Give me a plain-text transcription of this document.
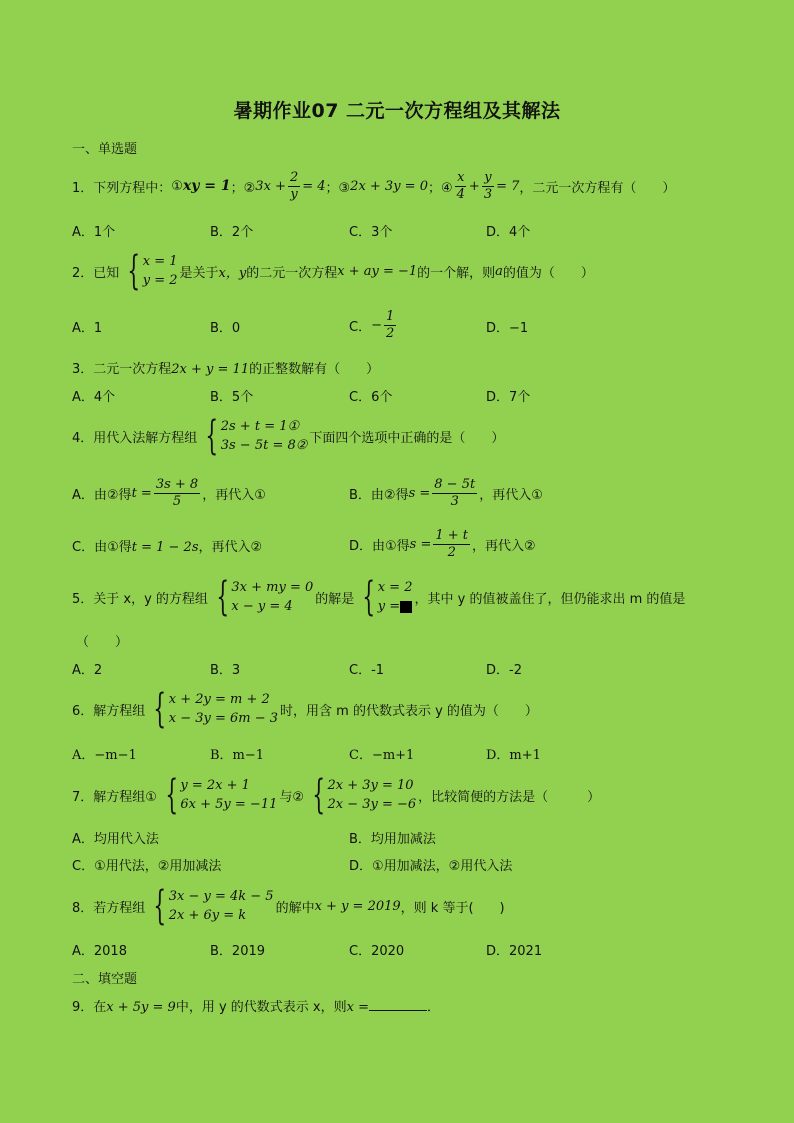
暑期作业07 二元一次方程组及其解法
一、单选题
1．下列方程中： ① xy = 1 ；② $3x + \frac{2}{y} = 4$ ；③ 2x + 3y = 0 ；④ $\frac{x}{4} + \frac{y}{3} = 7$ ，二元一次方程有（　　）
A．1个	B．2个	C．3个	D．4个
2．已知 { x = 1
y = 2 是关于 x，y 的二元一次方程 x + ay = −1 的一个解，则 a 的值为（　　）
A．1	B．0	C． − $\frac{1}{2}$	D．−1
3．二元一次方程2x + y = 11的正整数解有（　　）
A．4个	B．5个	C．6个	D．7个
4．用代入法解方程组 { 2s + t = 1①
3s − 5t = 8② 下面四个选项中正确的是（　　）
A．由②得 $t = \frac{3s + 8}{5}$ ，再代入①	B．由②得 $s = \frac{8 - 5t}{3}$ ，再代入①
C．由①得t = 1 − 2s，再代入②	D．由①得 $s = \frac{1 + t}{2}$ ，再代入②
5．关于 x，y 的方程组 { 3x + my = 0
x − y = 4	的解是 { x = 2
y =	，其中 y 的值被盖住了，但仍能求出 m 的值是
（　　）
A．2	B．3	C．-1	D．-2
6．解方程组 { x + 2y = m + 2
x − 3y = 6m − 3 时，用含 m 的代数式表示 y 的值为（　　）
A．−m−1	B．m−1	C．−m+1	D．m+1
7．解方程组① { y = 2x + 1
6x + 5y = −11 与② { 2x + 3y = 10
2x − 3y = −6 ，比较简便的方法是（　　　）
A．均用代入法	B．均用加减法
C．①用代法，②用加减法	D．①用加减法，②用代入法
8．若方程组 { 3x − y = 4k − 5
2x + 6y = k	的解中 x + y = 2019 ，则 k 等于(　　)
A．2018	B．2019	C．2020	D．2021
二、填空题
9．在x + 5y = 9中，用 y 的代数式表示 x，则x =	．
